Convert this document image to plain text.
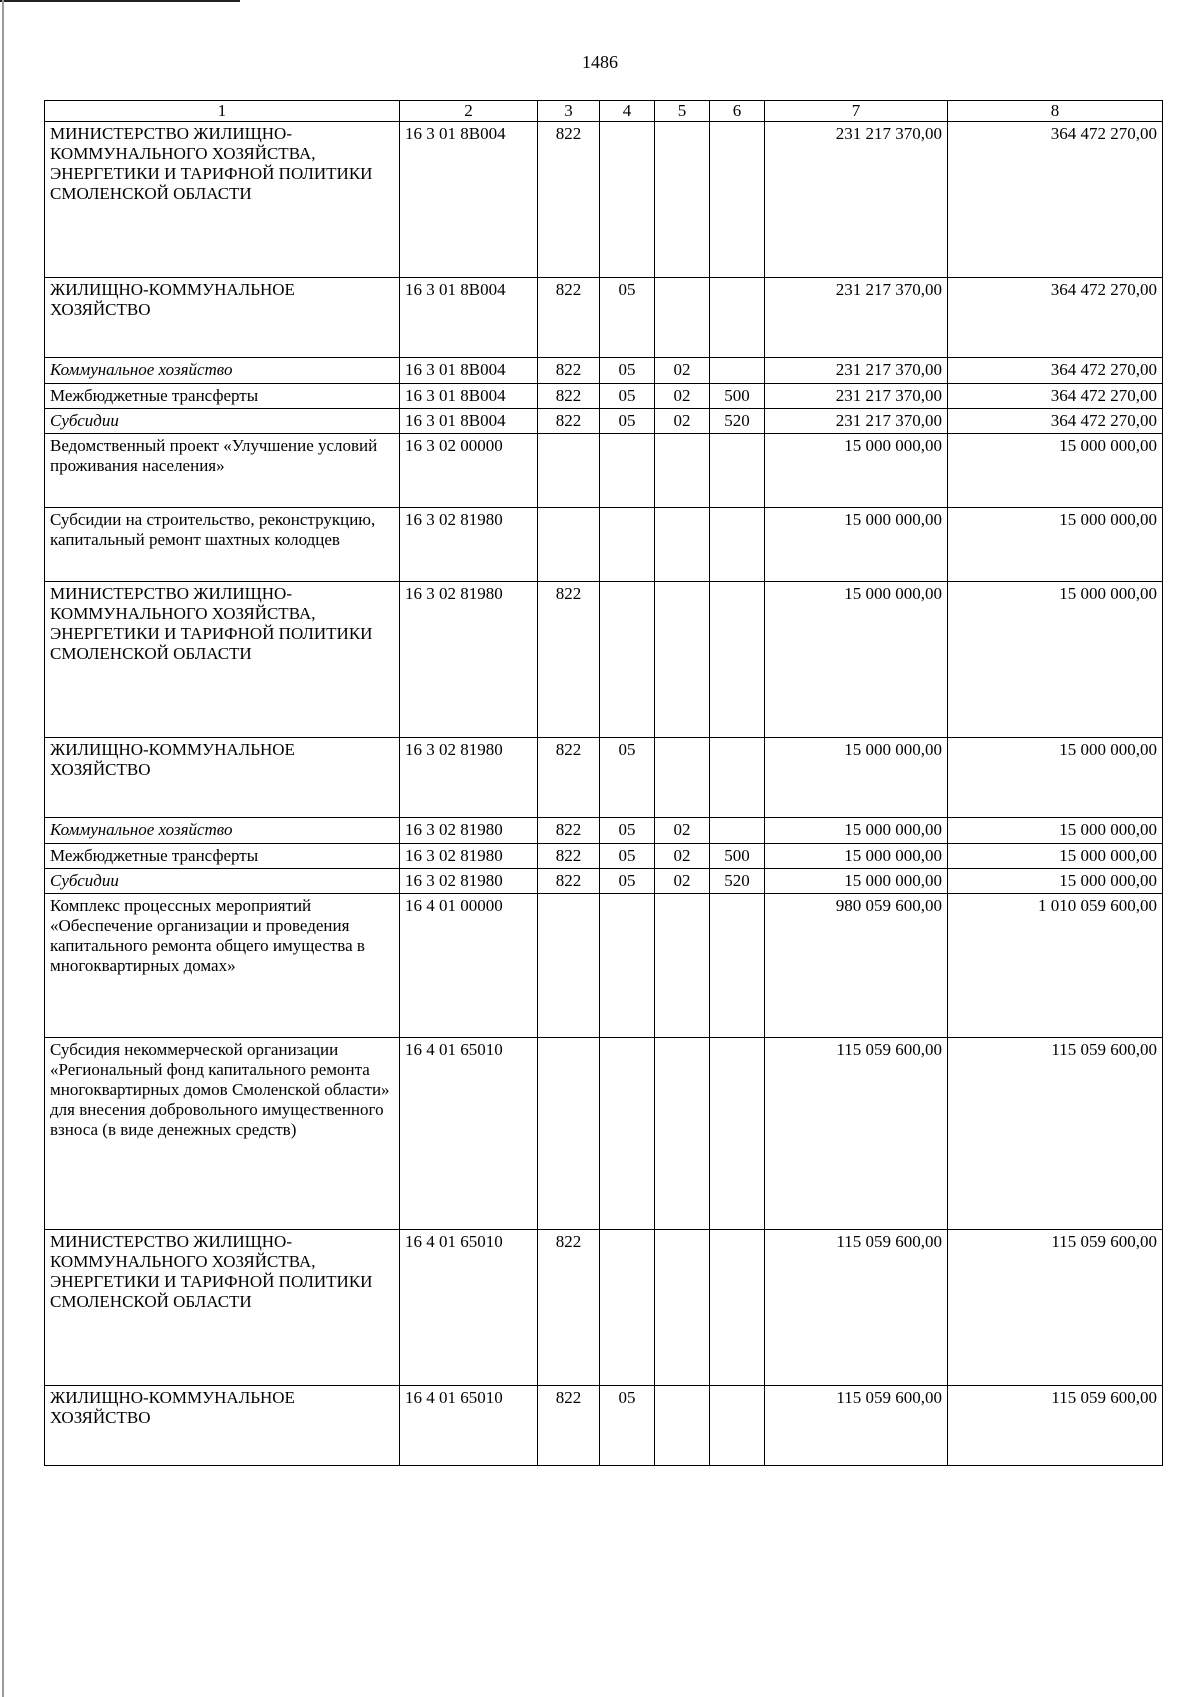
1486
1	2	3	4	5	6	7	8
МИНИСТЕРСТВО ЖИЛИЩНО-КОММУНАЛЬНОГО ХОЗЯЙСТВА, ЭНЕРГЕТИКИ И ТАРИФНОЙ ПОЛИТИКИ СМОЛЕНСКОЙ ОБЛАСТИ	16 3 01 8В004	822				231 217 370,00	364 472 270,00
ЖИЛИЩНО-КОММУНАЛЬНОЕ ХОЗЯЙСТВО	16 3 01 8В004	822	05			231 217 370,00	364 472 270,00
Коммунальное хозяйство	16 3 01 8В004	822	05	02		231 217 370,00	364 472 270,00
Межбюджетные трансферты	16 3 01 8В004	822	05	02	500	231 217 370,00	364 472 270,00
Субсидии	16 3 01 8В004	822	05	02	520	231 217 370,00	364 472 270,00
Ведомственный проект «Улучшение условий проживания населения»	16 3 02 00000					15 000 000,00	15 000 000,00
Субсидии на строительство, реконструкцию, капитальный ремонт шахтных колодцев	16 3 02 81980					15 000 000,00	15 000 000,00
МИНИСТЕРСТВО ЖИЛИЩНО-КОММУНАЛЬНОГО ХОЗЯЙСТВА, ЭНЕРГЕТИКИ И ТАРИФНОЙ ПОЛИТИКИ СМОЛЕНСКОЙ ОБЛАСТИ	16 3 02 81980	822				15 000 000,00	15 000 000,00
ЖИЛИЩНО-КОММУНАЛЬНОЕ ХОЗЯЙСТВО	16 3 02 81980	822	05			15 000 000,00	15 000 000,00
Коммунальное хозяйство	16 3 02 81980	822	05	02		15 000 000,00	15 000 000,00
Межбюджетные трансферты	16 3 02 81980	822	05	02	500	15 000 000,00	15 000 000,00
Субсидии	16 3 02 81980	822	05	02	520	15 000 000,00	15 000 000,00
Комплекс процессных мероприятий «Обеспечение организации и проведения капитального ремонта общего имущества в многоквартирных домах»	16 4 01 00000					980 059 600,00	1 010 059 600,00
Субсидия некоммерческой организации «Региональный фонд капитального ремонта многоквартирных домов Смоленской области» для внесения добровольного имущественного взноса (в виде денежных средств)	16 4 01 65010					115 059 600,00	115 059 600,00
МИНИСТЕРСТВО ЖИЛИЩНО-КОММУНАЛЬНОГО ХОЗЯЙСТВА, ЭНЕРГЕТИКИ И ТАРИФНОЙ ПОЛИТИКИ СМОЛЕНСКОЙ ОБЛАСТИ	16 4 01 65010	822				115 059 600,00	115 059 600,00
ЖИЛИЩНО-КОММУНАЛЬНОЕ ХОЗЯЙСТВО	16 4 01 65010	822	05			115 059 600,00	115 059 600,00
